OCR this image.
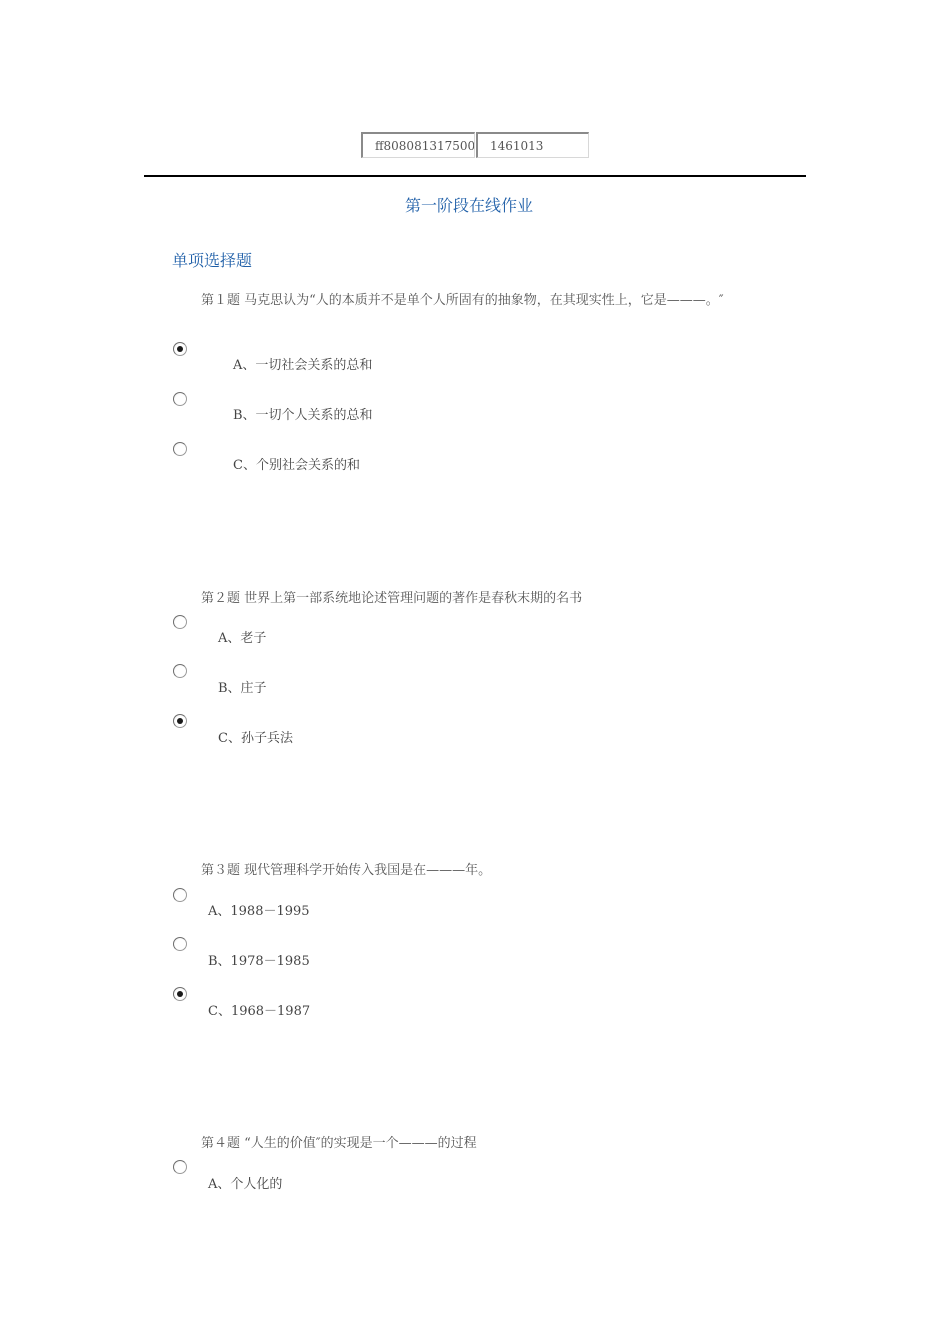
ff808081317500
1461013
第一阶段在线作业
单项选择题
第１题 马克思认为“人的本质并不是单个人所固有的抽象物，在其现实性上，它是———。″
A、一切社会关系的总和
B、一切个人关系的总和
C、个别社会关系的和
第２题 世界上第一部系统地论述管理问题的著作是春秋末期的名书
A、老子
B、庄子
C、孙子兵法
第３题 现代管理科学开始传入我国是在———年。
A、1988－1995
B、1978－1985
C、1968－1987
第４题 “人生的价值″的实现是一个———的过程
A、个人化的
